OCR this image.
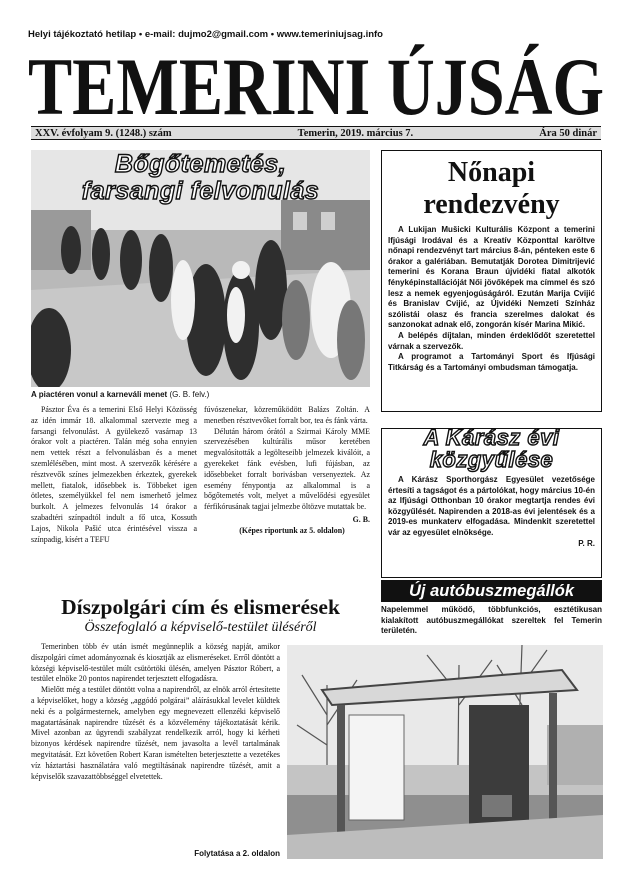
Helyi tájékoztató hetilap • e-mail: dujmo2@gmail.com • www.temeriniujsag.info
TEMERINI ÚJSÁG
XXV. évfolyam 9. (1248.) szám	Temerin, 2019. március 7.	Ára 50 dinár
Bőgőtemetés,
farsangi felvonulás
A piactéren vonul a karneváli menet (G. B. felv.)

Pásztor Éva és a temerini Első Helyi Közösség az idén immár 18. alkalommal szervezte meg a farsangi felvonulást. A gyülekező vasárnap 13 órakor volt a piactéren. Talán még soha ennyien nem vettek részt a felvonulásban és a menet szemlélésében, mint most. A szervezők kérésére a résztvevők színes jelmezekben érkeztek, gyerekek mellett, fiatalok, idősebbek is. Többeket igen ötletes, személyükkel fel nem ismerhető jelmez burkolt. A jelmezes felvonulás 14 órakor a szabadtéri színpadtól indult a fő utca, Kossuth Lajos, Nikola Pašić utca érintésével vissza a színpadig, kísért a TEFU

fúvószenekar, közreműködött Balázs Zoltán. A menetben résztvevőket forralt bor, tea és fánk várta.

Délután három órától a Szirmai Károly MME szervezésében kultúrális műsor keretében megvalósították a legölteseibb jelmezek kiválóit, a gyerekeket fánk evésben, lufi fújásban, az idősebbeket forralt borivásban versenyeztek. Az esemény fénypontja az alkalommal is a bőgőtemetés volt, melyet a művelődési egyesület férfikórusának tagjai jelmezbe öltözve mutattak be.

G. B.

(Képes riportunk az 5. oldalon)

Nőnapi
rendezvény

A Lukijan Mušicki Kulturális Központ a temerini Ifjúsági Irodával és a Kreatív Központtal karöltve nőnapi rendezvényt tart március 8-án, pénteken este 6 órakor a galériában. Bemutatják Dorotea Dimitrijević temerini és Korana Braun újvidéki fiatal alkotók fényképinstallációját Női jövőképek ma címmel és szó lesz a nemek egyenjogúságáról. Ezután Marija Cvijić és Branislav Cvijić, az Újvidéki Nemzeti Színház szólistái olasz és francia szerelmes dalokat és sanzonokat adnak elő, zongorán kísér Marina Mikić.

A belépés díjtalan, minden érdeklődőt szeretettel várnak a szervezők.

A programot a Tartományi Sport és Ifjúsági Titkárság és a Tartományi ombudsman támogatja.

A Kárász évi
közgyűlése

A Kárász Sporthorgász Egyesület vezetősége értesíti a tagságot és a pártolókat, hogy március 10-én az Ifjúsági Otthonban 10 órakor megtartja rendes évi közgyűlését. Napirenden a 2018-as évi jelentések és a 2019-es munkaterv elfogadása. Mindenkit szeretettel vár az egyesület elnöksége.

P. R.

Új autóbuszmegállók
Napelemmel működő, többfunkciós, esztétikusan kialakított autóbuszmegállókat szereltek fel Temerin területén.
Díszpolgári cím és elismerések
Összefoglaló a képviselő-testület üléséről

Temerinben több év után ismét megünneplik a község napját, amikor díszpolgári címet adományoznak és kiosztják az elismeréseket. Erről döntött a községi képviselő-testület múlt csütörtöki ülésén, amelyen Pásztor Róbert, a testület elnöke 20 pontos napirendet terjesztett elfogadásra.

Mielőtt még a testület döntött volna a napirendről, az elnök arról értesítette a képviselőket, hogy a község „aggódó polgárai” aláírásukkal levelet küldtek neki és a polgármesternek, amelyben egy megnevezett ellenzéki képviselő magatartásának napirendre tűzését és a közvélemény tájékoztatását kérik. Mivel azonban az ügyrendi szabályzat rendelkezik arról, hogy ki kérheti bizonyos kérdések napirendre tűzését, nem javasolta a levél tartalmának megvitatását. Ezt követően Robert Karan ismételten beterjesztette a vezetékes víz háztartási használatára való megtiltásának napirendre tűzését, amit a képviselők szavazattöbbséggel elvetettek.

Folytatása a 2. oldalon
